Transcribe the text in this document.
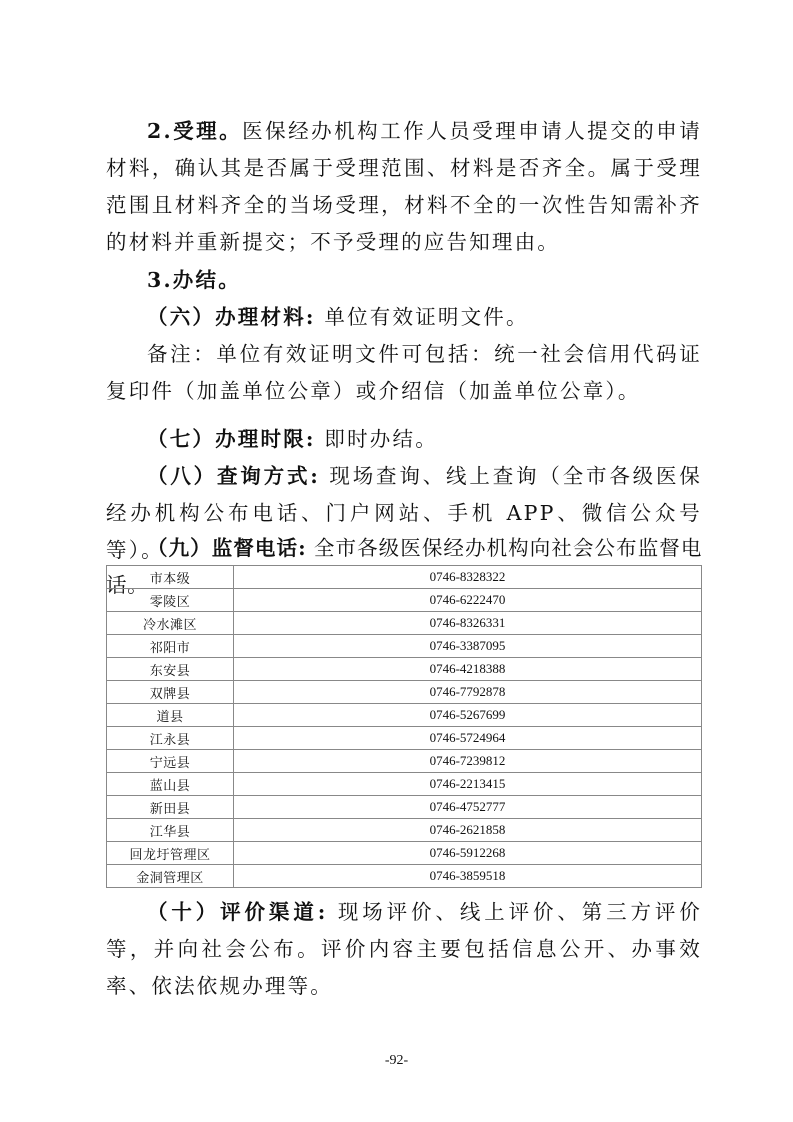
2.受理。医保经办机构工作人员受理申请人提交的申请材料，确认其是否属于受理范围、材料是否齐全。属于受理范围且材料齐全的当场受理，材料不全的一次性告知需补齐的材料并重新提交；不予受理的应告知理由。

3.办结。

（六）办理材料: 单位有效证明文件。

备注：单位有效证明文件可包括：统一社会信用代码证复印件（加盖单位公章）或介绍信（加盖单位公章）。

（七）办理时限: 即时办结。

（八）查询方式: 现场查询、线上查询（全市各级医保经办机构公布电话、门户网站、手机 APP、微信公众号等）。

（九）监督电话: 全市各级医保经办机构向社会公布监督电话。 市本级	0746-8328322
零陵区	0746-6222470
冷水滩区	0746-8326331
祁阳市	0746-3387095
东安县	0746-4218388
双牌县	0746-7792878
道县	0746-5267699
江永县	0746-5724964
宁远县	0746-7239812
蓝山县	0746-2213415
新田县	0746-4752777
江华县	0746-2621858
回龙圩管理区	0746-5912268
金洞管理区	0746-3859518

（十）评价渠道: 现场评价、线上评价、第三方评价等，并向社会公布。评价内容主要包括信息公开、办事效率、依法依规办理等。

-92-
